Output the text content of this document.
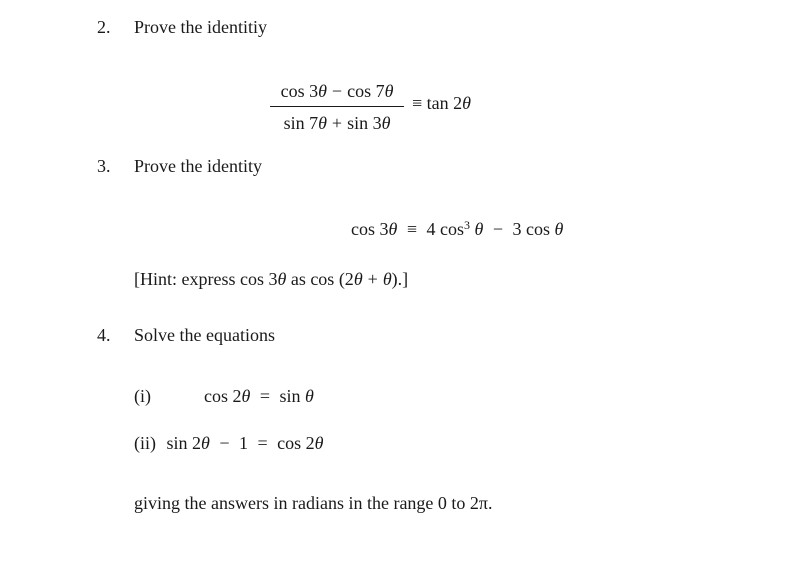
2. Prove the identitiy
cos 3θ − cos 7θ
sin 7θ + sin 3θ
≡ tan 2θ
3. Prove the identity
cos 3θ ≡ 4 $\cos^3 \theta - 3$ cos θ
[Hint: express cos 3θ as cos (2θ + θ).]
4. Solve the equations
(i)	cos 2θ = sin θ
(ii) sin 2θ − 1 = cos 2θ
giving the answers in radians in the range 0 to 2π.
